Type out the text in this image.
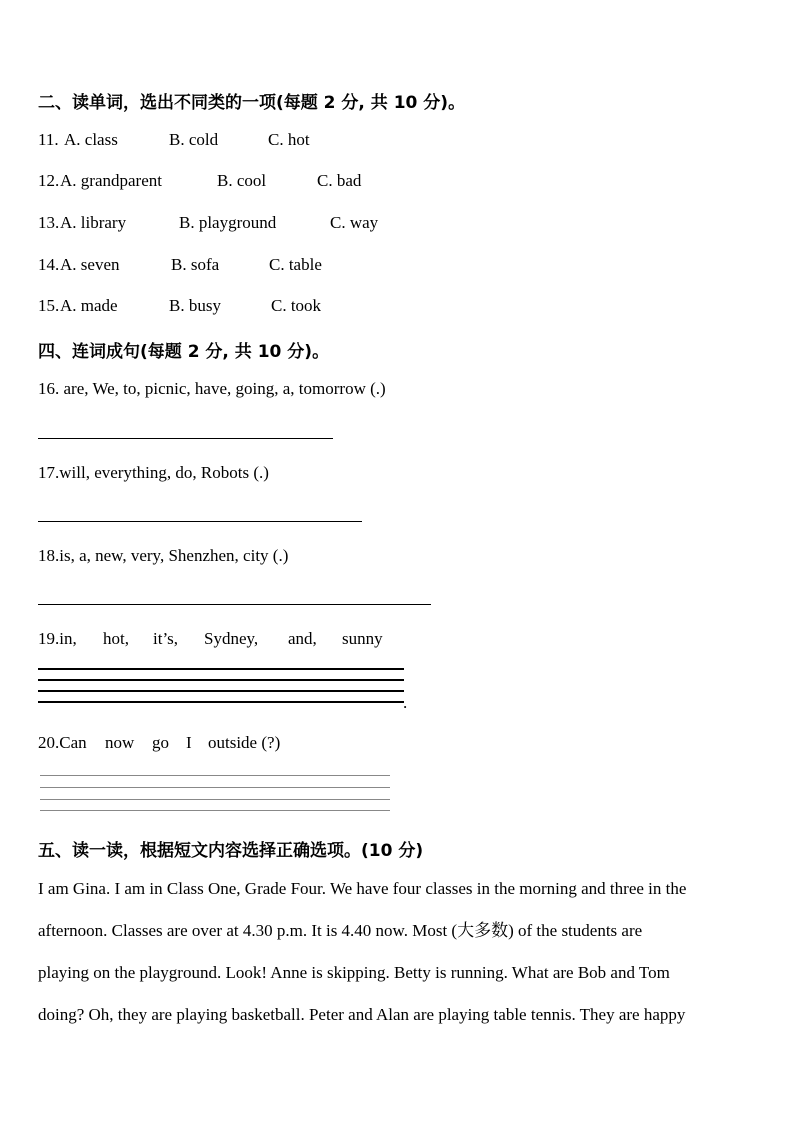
二、读单词，选出不同类的一项(每题 2 分, 共 10 分)。
11. A. class	B. cold	C. hot
12. A. grandparent	B. cool	C. bad
13. A. library	B. playground	C. way
14. A. seven	B. sofa	C. table
15. A. made	B. busy	C. took
四、连词成句(每题 2 分, 共 10 分)。
16. are, We, to, picnic, have, going, a, tomorrow (.)
17.will, everything, do, Robots (.)
18.is, a, new, very, Shenzhen, city (.)
19.in, hot, it’s, Sydney, and, sunny
.
20.Can now go I outside (?)
五、读一读，根据短文内容选择正确选项。(10 分)
I am Gina. I am in Class One, Grade Four. We have four classes in the morning and three in the
afternoon. Classes are over at 4.30 p.m. It is 4.40 now. Most (大多数) of the students are
playing on the playground. Look! Anne is skipping. Betty is running. What are Bob and Tom
doing? Oh, they are playing basketball. Peter and Alan are playing table tennis. They are happy
